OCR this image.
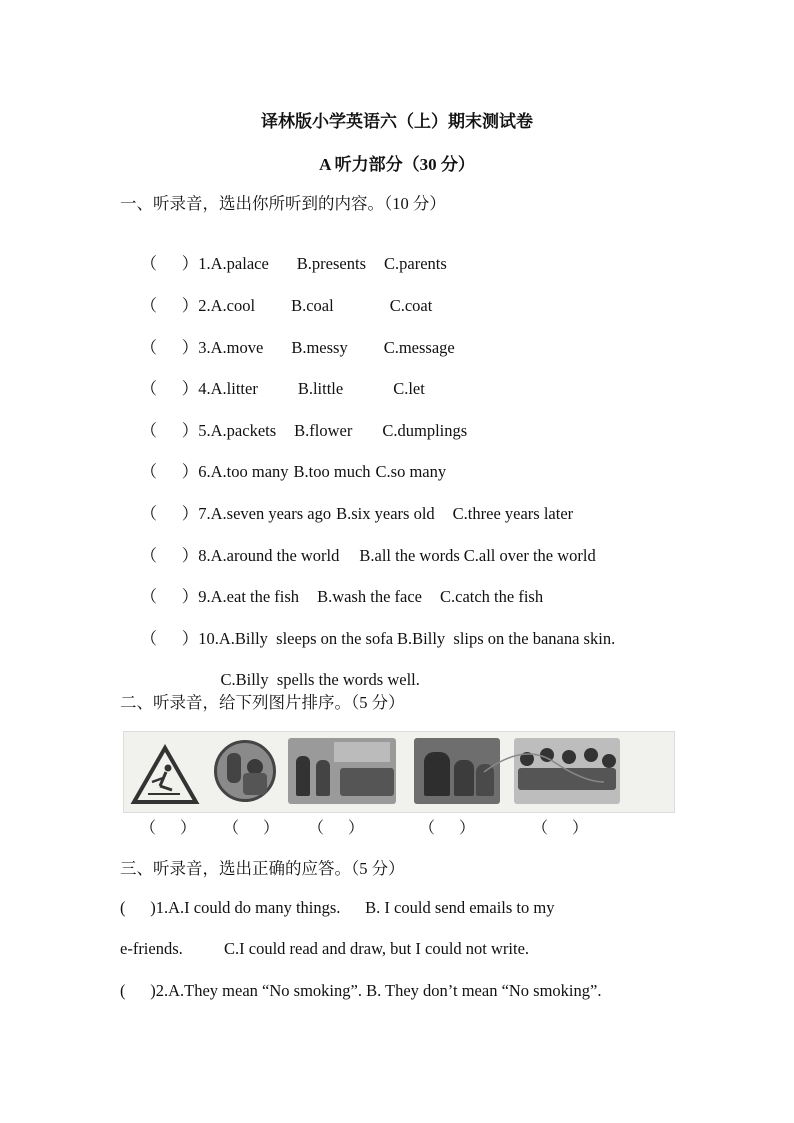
译林版小学英语六（上）期末测试卷
A 听力部分（30 分）
一、听录音，选出你所听到的内容。（10 分）

（      ）1.A.palace B.presents C.parents

（      ）2.A.cool B.coal	C.coat

（      ）3.A.move B.messy C.message

（      ）4.A.litter B.little	C.let

（      ）5.A.packets B.flower C.dumplings

（      ）6.A.too many B.too much C.so many

（      ）7.A.seven years ago B.six years old C.three years later

（      ）8.A.around the world B.all the words C.all over the world

（      ）9.A.eat the fish B.wash the face C.catch the fish

（      ）10.A.Billy  sleeps on the sofa B.Billy  slips on the banana skin.

C.Billy  spells the words well.

二、听录音，给下列图片排序。（5 分）
（      ） （      ） （      ）	（      ）	（      ）
三、听录音，选出正确的应答。（5 分）
(      )1.A.I could do many things.      B. I could send emails to my
e-friends.          C.I could read and draw, but I could not write.
(      )2.A.They mean “No smoking”. B. They don’t mean “No smoking”.
